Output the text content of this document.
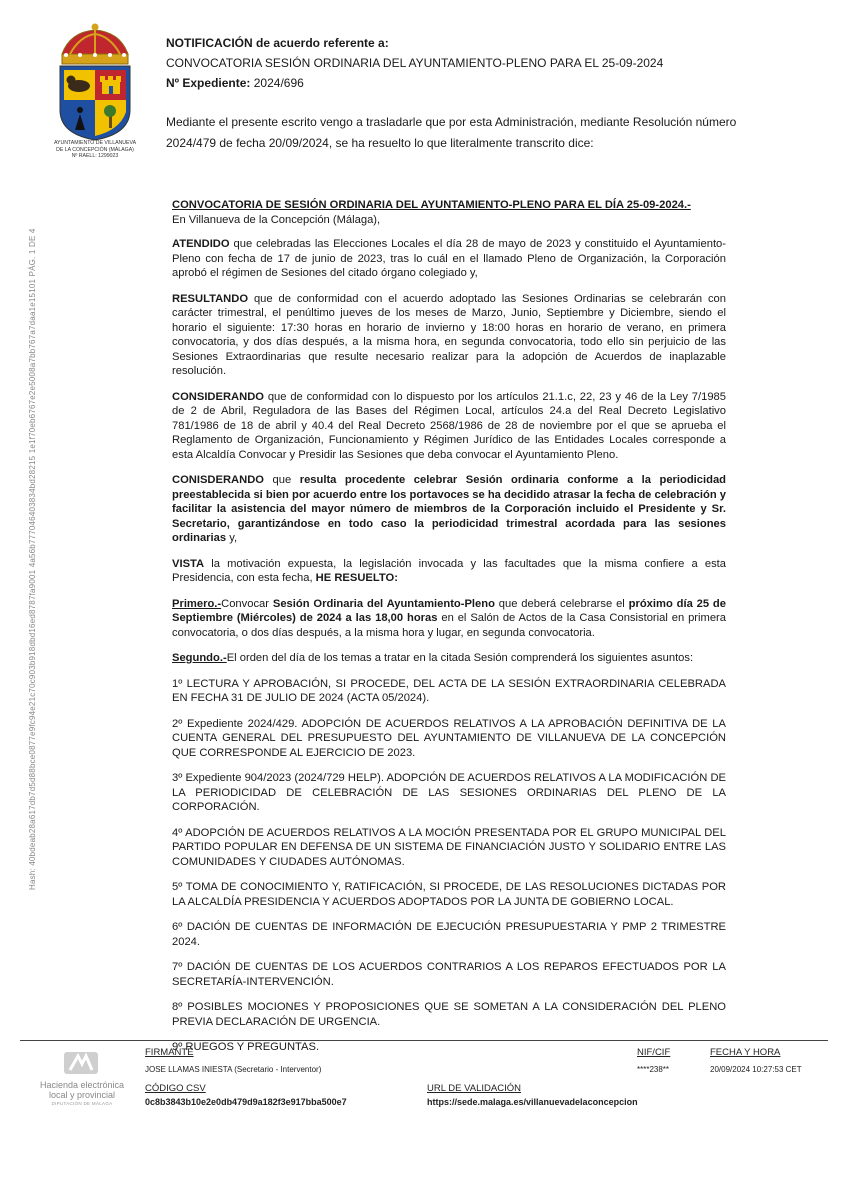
AYUNTAMIENTO DE VILLANUEVA
DE LA CONCEPCIÓN (MÁLAGA)
Nº RAELL: 1299023
NOTIFICACIÓN de acuerdo referente a:
CONVOCATORIA SESIÓN ORDINARIA DEL AYUNTAMIENTO-PLENO PARA EL 25-09-2024
Nº Expediente: 2024/696
Mediante el presente escrito vengo a trasladarle que por esta Administración, mediante Resolución número 2024/479 de fecha 20/09/2024, se ha resuelto lo que literalmente transcrito dice:
Hash: 40bdeab28a617db7d5d88bce0877e9fc94e21c70c903b918dbd16ed8787fa9001 4a56b777046403834bd28215 1e1f70eb6767e2e5008a7bb767a7daa1e15101 PÁG. 1 DE 4

CONVOCATORIA DE SESIÓN ORDINARIA DEL AYUNTAMIENTO-PLENO PARA EL DÍA 25-09-2024.-

En Villanueva de la Concepción (Málaga),

ATENDIDO que celebradas las Elecciones Locales el día 28 de mayo de 2023 y constituido el Ayuntamiento-Pleno con fecha de 17 de junio de 2023, tras lo cuál en el llamado Pleno de Organización, la Corporación aprobó el régimen de Sesiones del citado órgano colegiado y,

RESULTANDO que de conformidad con el acuerdo adoptado las Sesiones Ordinarias se celebrarán con carácter trimestral, el penúltimo jueves de los meses de Marzo, Junio, Septiembre y Diciembre, siendo el horario el siguiente: 17:30 horas en horario de invierno y 18:00 horas en horario de verano, en primera convocatoria, y dos días después, a la misma hora, en segunda convocatoria, todo ello sin perjuicio de las Sesiones Extraordinarias que resulte necesario realizar para la adopción de Acuerdos de inaplazable resolución.

CONSIDERANDO que de conformidad con lo dispuesto por los artículos 21.1.c, 22, 23 y 46 de la Ley 7/1985 de 2 de Abril, Reguladora de las Bases del Régimen Local, artículos 24.a del Real Decreto Legislativo 781/1986 de 18 de abril y 40.4 del Real Decreto 2568/1986 de 28 de noviembre por el que se aprueba el Reglamento de Organización, Funcionamiento y Régimen Jurídico de las Entidades Locales corresponde a esta Alcaldía Convocar y Presidir las Sesiones que deba convocar el Ayuntamiento Pleno.

CONISDERANDO que resulta procedente celebrar Sesión ordinaria conforme a la periodicidad preestablecida si bien por acuerdo entre los portavoces se ha decidido atrasar la fecha de celebración y facilitar la asistencia del mayor número de miembros de la Corporación incluido el Presidente y Sr. Secretario, garantizándose en todo caso la periodicidad trimestral acordada para las sesiones ordinarias y,

VISTA la motivación expuesta, la legislación invocada y las facultades que la misma confiere a esta Presidencia, con esta fecha, HE RESUELTO:

Primero.-Convocar Sesión Ordinaria del Ayuntamiento-Pleno que deberá celebrarse el próximo día 25 de Septiembre (Miércoles) de 2024 a las 18,00 horas en el Salón de Actos de la Casa Consistorial en primera convocatoria, o dos días después, a la misma hora y lugar, en segunda convocatoria.

Segundo.-El orden del día de los temas a tratar en la citada Sesión comprenderá los siguientes asuntos:

1º LECTURA Y APROBACIÓN, SI PROCEDE, DEL ACTA DE LA SESIÓN EXTRAORDINARIA CELEBRADA EN FECHA 31 DE JULIO DE 2024 (ACTA 05/2024).

2º Expediente 2024/429. ADOPCIÓN DE ACUERDOS RELATIVOS A LA APROBACIÓN DEFINITIVA DE LA CUENTA GENERAL DEL PRESUPUESTO DEL AYUNTAMIENTO DE VILLANUEVA DE LA CONCEPCIÓN QUE CORRESPONDE AL EJERCICIO DE 2023.

3º Expediente 904/2023 (2024/729 HELP). ADOPCIÓN DE ACUERDOS RELATIVOS A LA MODIFICACIÓN DE LA PERIODICIDAD DE CELEBRACIÓN DE LAS SESIONES ORDINARIAS DEL PLENO DE LA CORPORACIÓN.

4º ADOPCIÓN DE ACUERDOS RELATIVOS A LA MOCIÓN PRESENTADA POR EL GRUPO MUNICIPAL DEL PARTIDO POPULAR EN DEFENSA DE UN SISTEMA DE FINANCIACIÓN JUSTO Y SOLIDARIO ENTRE LAS COMUNIDADES Y CIUDADES AUTÓNOMAS.

5º TOMA DE CONOCIMIENTO Y, RATIFICACIÓN, SI PROCEDE, DE LAS RESOLUCIONES DICTADAS POR LA ALCALDÍA PRESIDENCIA Y ACUERDOS ADOPTADOS POR LA JUNTA DE GOBIERNO LOCAL.

6º DACIÓN DE CUENTAS DE INFORMACIÓN DE EJECUCIÓN PRESUPUESTARIA Y PMP 2 TRIMESTRE 2024.

7º DACIÓN DE CUENTAS DE LOS ACUERDOS CONTRARIOS A LOS REPAROS EFECTUADOS POR LA SECRETARÍA-INTERVENCIÓN.

8º POSIBLES MOCIONES Y PROPOSICIONES QUE SE SOMETAN A LA CONSIDERACIÓN DEL PLENO PREVIA DECLARACIÓN DE URGENCIA.

9º RUEGOS Y PREGUNTAS.

Hacienda electrónica
local y provincial
DIPUTACIÓN DE MÁLAGA
FIRMANTE
JOSE LLAMAS INIESTA (Secretario - Interventor)
NIF/CIF
****238**
FECHA Y HORA
20/09/2024 10:27:53 CET
CÓDIGO CSV
0c8b3843b10e2e0db479d9a182f3e917bba500e7
URL DE VALIDACIÓN
https://sede.malaga.es/villanuevadelaconcepcion
